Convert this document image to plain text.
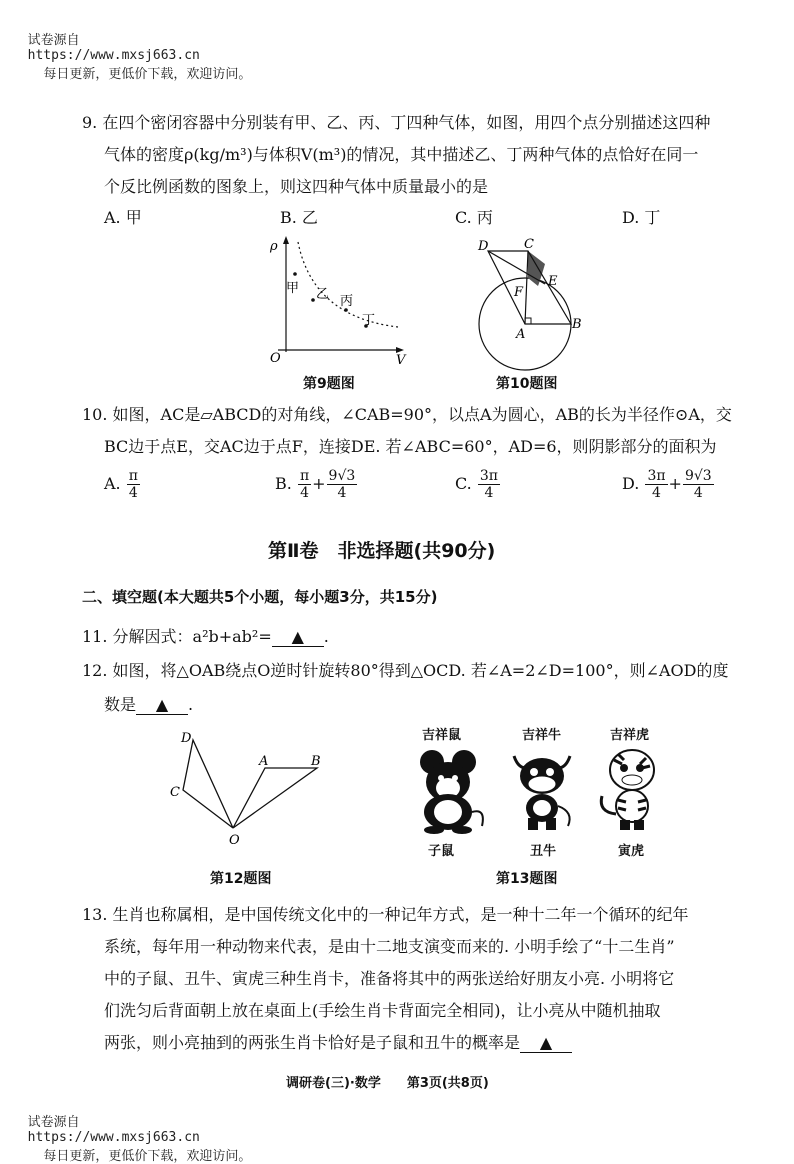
试卷源自
https://www.mxsj663.cn
每日更新，更低价下载，欢迎访问。

9. 在四个密闭容器中分别装有甲、乙、丙、丁四种气体，如图，用四个点分别描述这四种
气体的密度ρ(kg/m³)与体积V(m³)的情况，其中描述乙、丁两种气体的点恰好在同一
个反比例函数的图象上，则这四种气体中质量最小的是
A. 甲	B. 乙	C. 丙	D. 丁
ρ
V
O
甲 乙 丙
丁
第9题图
D	C
E
F
A
B
第10题图
10. 如图，AC是▱ABCD的对角线，∠CAB=90°，以点A为圆心，AB的长为半径作⊙A，交
BC边于点E，交AC边于点F，连接DE. 若∠ABC=60°，AD=6，则阴影部分的面积为
A. $\frac{\pi}{4}$	B. $\frac{\pi}{4} + \frac{9√3}{4}$	C. $\frac{3\pi}{4}$	D. $\frac{3\pi}{4} + \frac{9√3}{4}$
第Ⅱ卷　非选择题(共90分)
二、填空题(本大题共5个小题，每小题3分，共15分)
11. 分解因式：a²b+ab²= ▲ .
12. 如图，将△OAB绕点O逆时针旋转80°得到△OCD. 若∠A=2∠D=100°，则∠AOD的度
数是 ▲ .
D
C
A	B
O
第12题图
吉祥鼠	吉祥牛	吉祥虎
子鼠	丑牛	寅虎
第13题图
13. 生肖也称属相，是中国传统文化中的一种记年方式，是一种十二年一个循环的纪年
系统，每年用一种动物来代表，是由十二地支演变而来的. 小明手绘了“十二生肖”
中的子鼠、丑牛、寅虎三种生肖卡，准备将其中的两张送给好朋友小亮. 小明将它
们洗匀后背面朝上放在桌面上(手绘生肖卡背面完全相同)，让小亮从中随机抽取
两张，则小亮抽到的两张生肖卡恰好是子鼠和丑牛的概率是 ▲
调研卷(三)·数学　　第3页(共8页)

试卷源自
https://www.mxsj663.cn
每日更新，更低价下载，欢迎访问。
